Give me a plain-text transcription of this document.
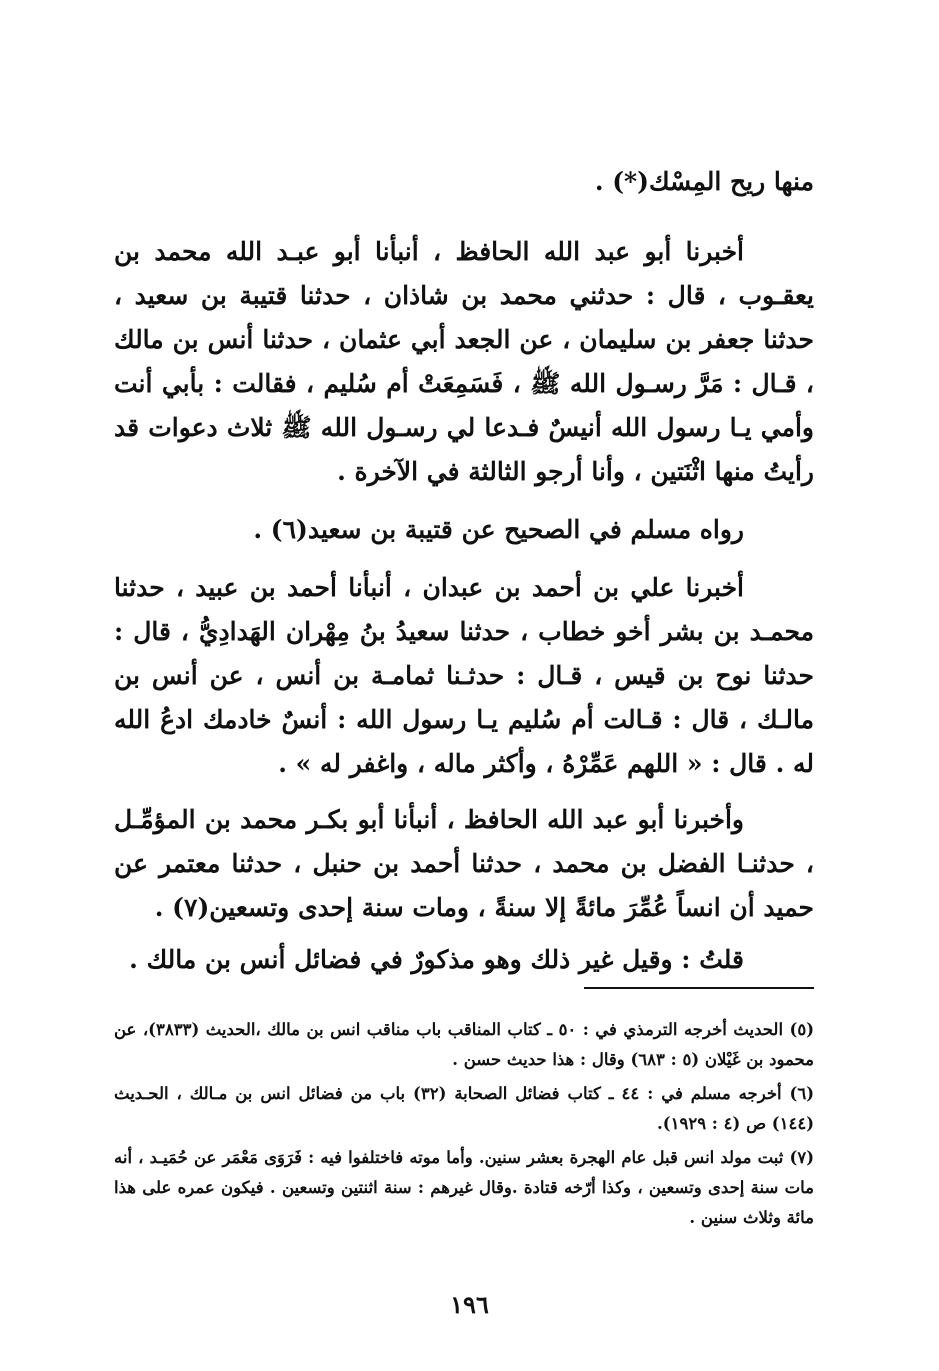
منها ريح المِسْك(*) .

أخبرنا أبو عبد الله الحافظ ، أنبأنا أبو عبـد الله محمد بن يعقـوب ، قال : حدثني محمد بن شاذان ، حدثنا قتيبة بن سعيد ، حدثنا جعفر بن سليمان ، عن الجعد أبي عثمان ، حدثنا أنس بن مالك ، قـال : مَرَّ رسـول الله ﷺ ، فَسَمِعَتْ أم سُليم ، فقالت : بأبي أنت وأمي يـا رسول الله أنيسٌ فـدعا لي رسـول الله ﷺ ثلاث دعوات قد رأيتُ منها اثْنَتين ، وأنا أرجو الثالثة في الآخرة .

رواه مسلم في الصحيح عن قتيبة بن سعيد(٦) .

أخبرنا علي بن أحمد بن عبدان ، أنبأنا أحمد بن عبيد ، حدثنا محمـد بن بشر أخو خطاب ، حدثنا سعيدُ بنُ مِهْران الهَدادِيُّ ، قال : حدثنا نوح بن قيس ، قـال : حدثـنا ثمامـة بن أنس ، عن أنس بن مالـك ، قال : قـالت أم سُليم يـا رسول الله : أنسٌ خادمك ادعُ الله له . قال : « اللهم عَمِّرْهُ ، وأكثر ماله ، واغفر له » .

وأخبرنا أبو عبد الله الحافظ ، أنبأنا أبو بكـر محمد بن المؤمِّـل ، حدثنـا الفضل بن محمد ، حدثنا أحمد بن حنبل ، حدثنا معتمر عن حميد أن انساً عُمِّرَ مائةً إلا سنةً ، ومات سنة إحدى وتسعين(٧) .

قلتُ : وقيل غير ذلك وهو مذكورٌ في فضائل أنس بن مالك .

(٥) الحديث أخرجه الترمذي في : ٥٠ ـ كتاب المناقب باب مناقب انس بن مالك ،الحديث (٣٨٣٣)، عن محمود بن غَيْلان (٥ : ٦٨٣) وقال : هذا حديث حسن .

(٦) أخرجه مسلم في : ٤٤ ـ كتاب فضائل الصحابة (٣٢) باب من فضائل انس بن مـالك ، الحـديث (١٤٤) ص (٤ : ١٩٢٩).

(٧) ثبت مولد انس قبل عام الهجرة بعشر سنين. وأما موته فاختلفوا فيه : فَرَوَى مَعْمَر عن حُمَيـد ، أنه مات سنة إحدى وتسعين ، وكذا أرّخه قتادة .وقال غيرهم : سنة اثنتين وتسعين . فيكون عمره على هذا مائة وثلاث سنين .

١٩٦
